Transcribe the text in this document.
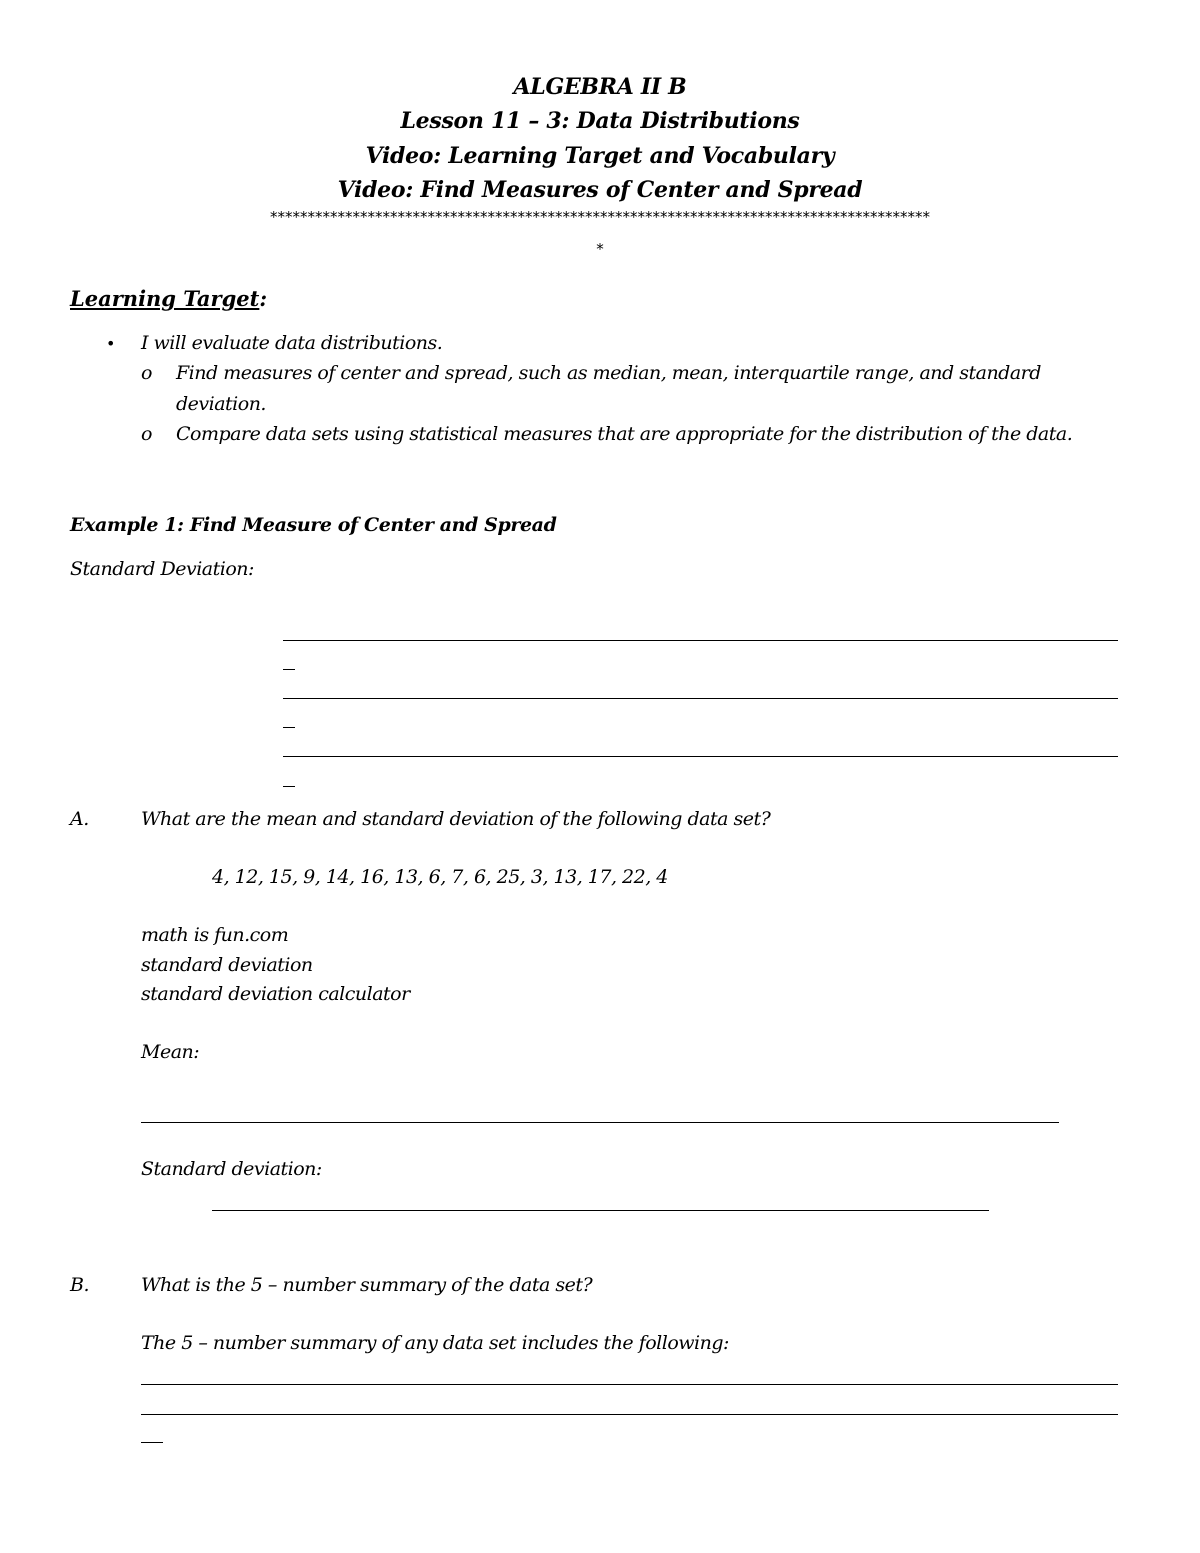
ALGEBRA II B
Lesson 11 – 3: Data Distributions
Video: Learning Target and Vocabulary
Video: Find Measures of Center and Spread
****************************************************************************************
*
Learning Target:
• I will evaluate data distributions.
o Find measures of center and spread, such as median, mean, interquartile range, and standard
deviation.
o Compare data sets using statistical measures that are appropriate for the distribution of the data.
Example 1: Find Measure of Center and Spread
Standard Deviation:
A.	What are the mean and standard deviation of the following data set?
4, 12, 15, 9, 14, 16, 13, 6, 7, 6, 25, 3, 13, 17, 22, 4
math is fun.com
standard deviation
standard deviation calculator
Mean:
Standard deviation:
B.	What is the 5 – number summary of the data set?
The 5 – number summary of any data set includes the following:
